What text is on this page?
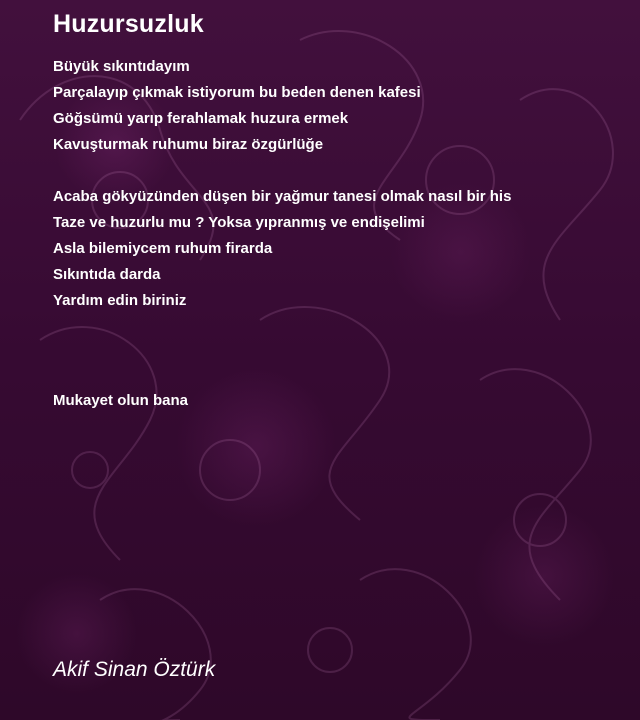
Huzursuzluk
Büyük sıkıntıdayım
Parçalayıp çıkmak istiyorum bu beden denen kafesi
Göğsümü yarıp ferahlamak huzura ermek
Kavuşturmak ruhumu biraz özgürlüğe
Acaba gökyüzünden düşen bir yağmur tanesi olmak nasıl bir his
Taze ve huzurlu mu ? Yoksa yıpranmış ve endişelimi
Asla bilemiycem ruhum firarda
Sıkıntıda darda
Yardım edin biriniz
Mukayet olun bana
Akif Sinan Öztürk
